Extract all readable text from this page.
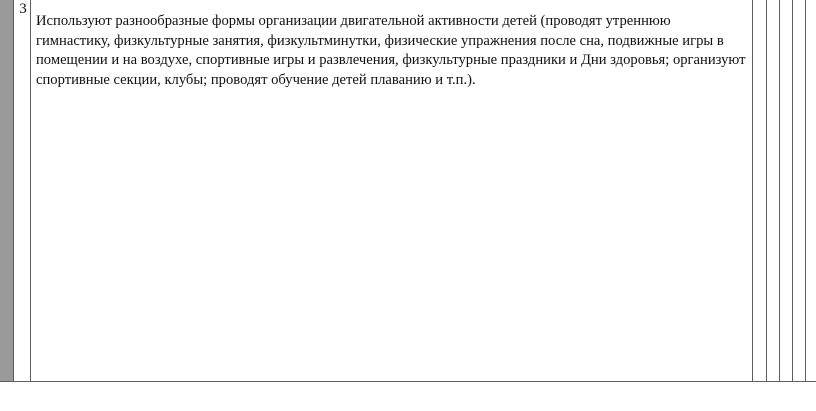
3

Используют разнообразные формы организации двигательной активности детей (проводят утреннюю гимнастику, физкультурные занятия, физкультминутки, физические упражнения после сна, подвижные игры в помещении и на воздухе, спортивные игры и развлечения, физкультурные праздники и Дни здоровья; организуют спортивные секции, клубы; проводят обучение детей плаванию и т.п.).
